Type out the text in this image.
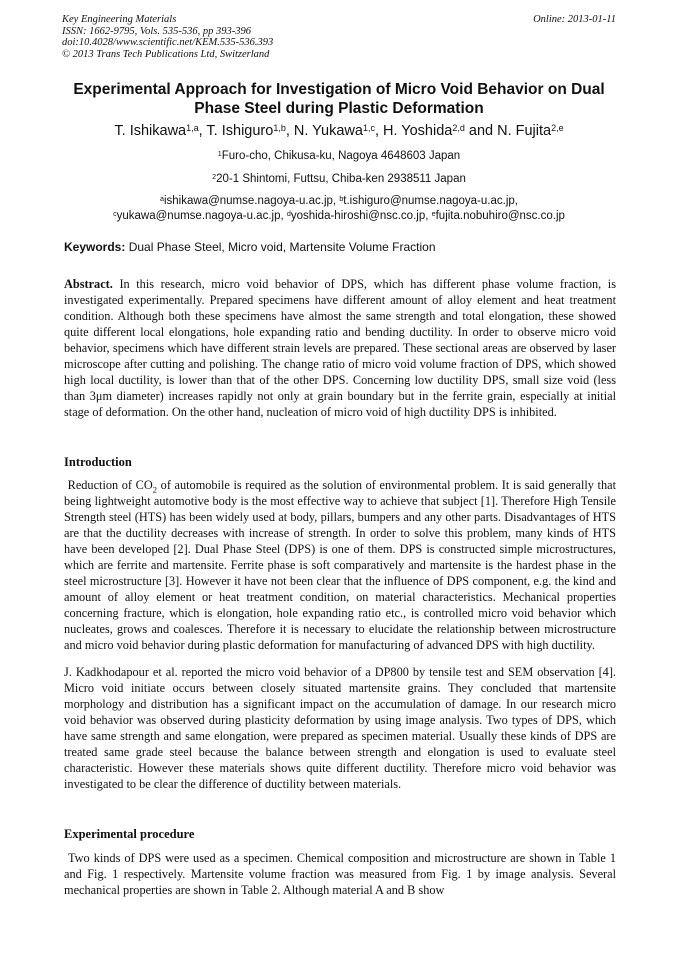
Key Engineering Materials
ISSN: 1662-9795, Vols. 535-536, pp 393-396
doi:10.4028/www.scientific.net/KEM.535-536.393
© 2013 Trans Tech Publications Ltd, Switzerland
Online: 2013-01-11
Experimental Approach for Investigation of Micro Void Behavior on Dual Phase Steel during Plastic Deformation
T. Ishikawa$^{1,a}$, T. Ishiguro$^{1,b}$, N. Yukawa$^{1,c}$, H. Yoshida$^{2,d}$ and N. Fujita$^{2,e}$
$^1$Furo-cho, Chikusa-ku, Nagoya 4648603 Japan
$^2$20-1 Shintomi, Futtsu, Chiba-ken 2938511 Japan
$^a$ishikawa@numse.nagoya-u.ac.jp, $^b$t.ishiguro@numse.nagoya-u.ac.jp,
$^c$yukawa@numse.nagoya-u.ac.jp, $^d$yoshida-hiroshi@nsc.co.jp, $^e$fujita.nobuhiro@nsc.co.jp
Keywords: Dual Phase Steel, Micro void, Martensite Volume Fraction
Abstract. In this research, micro void behavior of DPS, which has different phase volume fraction, is investigated experimentally. Prepared specimens have different amount of alloy element and heat treatment condition. Although both these specimens have almost the same strength and total elongation, these showed quite different local elongations, hole expanding ratio and bending ductility. In order to observe micro void behavior, specimens which have different strain levels are prepared. These sectional areas are observed by laser microscope after cutting and polishing. The change ratio of micro void volume fraction of DPS, which showed high local ductility, is lower than that of the other DPS. Concerning low ductility DPS, small size void (less than 3μm diameter) increases rapidly not only at grain boundary but in the ferrite grain, especially at initial stage of deformation. On the other hand, nucleation of micro void of high ductility DPS is inhibited.
Introduction
Reduction of $CO_2$ of automobile is required as the solution of environmental problem. It is said generally that being lightweight automotive body is the most effective way to achieve that subject [1]. Therefore High Tensile Strength steel (HTS) has been widely used at body, pillars, bumpers and any other parts. Disadvantages of HTS are that the ductility decreases with increase of strength. In order to solve this problem, many kinds of HTS have been developed [2]. Dual Phase Steel (DPS) is one of them. DPS is constructed simple microstructures, which are ferrite and martensite. Ferrite phase is soft comparatively and martensite is the hardest phase in the steel microstructure [3]. However it have not been clear that the influence of DPS component, e.g. the kind and amount of alloy element or heat treatment condition, on material characteristics. Mechanical properties concerning fracture, which is elongation, hole expanding ratio etc., is controlled micro void behavior which nucleates, grows and coalesces. Therefore it is necessary to elucidate the relationship between microstructure and micro void behavior during plastic deformation for manufacturing of advanced DPS with high ductility.
J. Kadkhodapour et al. reported the micro void behavior of a DP800 by tensile test and SEM observation [4]. Micro void initiate occurs between closely situated martensite grains. They concluded that martensite morphology and distribution has a significant impact on the accumulation of damage. In our research micro void behavior was observed during plasticity deformation by using image analysis. Two types of DPS, which have same strength and same elongation, were prepared as specimen material. Usually these kinds of DPS are treated same grade steel because the balance between strength and elongation is used to evaluate steel characteristic. However these materials shows quite different ductility. Therefore micro void behavior was investigated to be clear the difference of ductility between materials.
Experimental procedure
Two kinds of DPS were used as a specimen. Chemical composition and microstructure are shown in Table 1 and Fig. 1 respectively. Martensite volume fraction was measured from Fig. 1 by image analysis. Several mechanical properties are shown in Table 2. Although material A and B show
